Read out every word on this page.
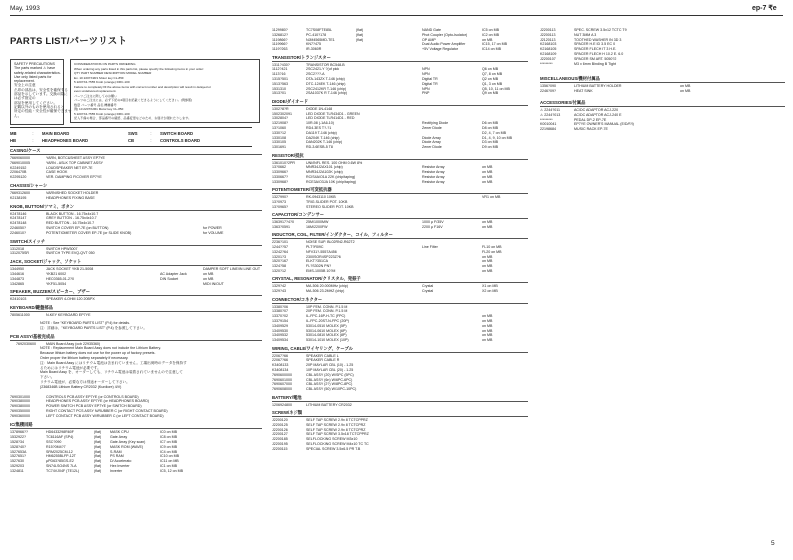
May, 1993	ep-7 ₹e
5
PARTS LIST/パーツリスト
SAFETY PRECAUTIONS
The parts marked ⚠ have
safety-related characteristics.
Use only listed parts for
replacement.
安全上の注意
⚠印の部品は、安全性を確保する
部品を示しています。交換の際に
は必ず指定の
部品を使用してください。
記載以外のものを使用されると
所定の性能・安全性が確保できませ
ん。
CONSIDERATIONS ON PARTS ORDERING
When ordering any parts listed in this parts list, please specify the following items in your order:
QTY PART NUMBER DESCRIPTION MODEL NUMBER
Ex. 10 2207X2R1 Motor key CL-85F
5 2207X4-7555 Knob (orange) DRC-100
Failure to completely fill the above items with correct number and description will result in delayed or
even undelivered replacement.
パーツご注文に際してのお願い
パーツのご注文には、必ず下記の4項目を記載くださるようにしてください。(例参照)
数量 パーツ番号 品名 機種番号
例) 10 2207X2R1 Motor key CL-85F
5 2207X4-7555 Knob (orange) DRC-100
記入不備の場合、部品番号の確認、品番変更などのため、お届けが遅れたりします。
MB	： MAIN BOARD	SWS	： SWITCH BOARD
HB	： HEADPHONES BOARD	CB	： CONTROLS BOARD
CASING/ケース
7669060000	YARN, BOTC&SHEET ASSY EP7YE
7669010005	YARN - ASLK TOP CABINET ASSY
K2249152	LOUDSPEAKER NET EP-7E
2206470B	CASE HOOK
K2295120	VER. DAMPING FICOVER EP7YE
CHASSIS/シャーシ
7669312600	VARNISHED SOCKET HOLDER
K2138195	HEADPHONES FIXING BASE
KNOB, BUTTON/ツマミ、ボタン
K2478146	BLACK BUTTON - 16.75x4x10.7
K2478147	GREY BUTTON - 16.75x4x10.7
K2478148	RED BUTTON - 16.75x4x10.7
2246050?	SWITCH COVER EP-7E (on BUTTON)	for POWER
2246010?	POTENTIOMETER COVER EP-7E (or SLIDE KNOB)	for VOLUME
SWITCH/スイッチ
1312018	SWITCH HPW3007
1312075SR	SWITCH TYPE EVQ-QVT 050
JACK, SOCKET/ジャック、ソケット
1344950	JACK SOCKET YKB 21-5008	DAMPER SOFT LINE/IN LINE OUT
1344616	YKB21 6002	AC Adapter Jack	on MB
1344873	HEC0365-01-2?0	DIN Socket	on MB
1342865	YKF51-5054	MIDI IN/OUT
SPEAKER, BUZZER/スピーカー、ブザー
K2410103	SPEAKER 4-OHM 120 20BPX
KEYBOARD/鍵盤部品
7805611000	N-KEY KEYBOARD EP7YE
NOTE : See "KEYBOARD PARTS LIST" (P.4) for details.
注：詳細は、"KEYBOARD PARTS LIST" (P.4) を参照して下さい。
PCB ASSY/基板完成品
7692030600	MAIN Board Assy (ccb 22935360)
NOTE : Replacement Main Board Assy does not include the Lithium Battery.
Because lithium battery does not use for the power up of factory presets.
Order proper the lithium battery separately if necessary.
注：Main Board Assy にはリチウム電池は含まれていません。工場出荷時のデータを保持す
るためにはリチウム電池が必要です。
Main Board Assy を、オーダーしても、リチウム電池は装着されていませんので注意して
下さい。
リチウム電池が、必要な方は別途オーダーして下さい。
(2368346B Lithium Battery CR2032 (Kurdiore) 4/V)
7690301000	CONTROLS PCB ASSY EP7YE (or CONTROLS BOARD)
7690380000	HEADPHONES PCB ASSY EP7YE (or HEADPHONES BOARD)
7690380000	POWER SWITCH PCB ASSY EP7YE (or SWITCH BOARD)
7690350000	RIGHT CONTACT PCS ASSY N/RUBBER C (or RIGHT CONTACT BOARD)
7690360000	LEFT CONTACT PCB ASSY W/RUBBER C (or LEFT CONTACT BOARD)
IC/集積回路
1378966??	HD6433298R60F	(flat) MASK CPU	IC0 on MB
1532922?	TC6116AF (SP4)	(flat) Gate Array	IC8 on MB
1528?34	SSC?090	(flat) Gate Array (Key scan)	IC7 on MB
1528?40?	R15?0M4?7	(flat) MASK ROM (WAVE)	IC9 on MB
1527653A	SRM2025CM-12	(flat) S-RAM	IC4 on MB
1527651?	HM6255BLFP-12T	(flat) PS RAM	IC10 on MB
1527630	μPD63?85GS-E2	(flat) D/ Accelerato	IC11 on MB
1529203	SN74LSO4NS 7LA	(flat) Hex Inverter	IC1 on MB
1324811	TC74VJ04F (TE12L)	(flat) Inverter	IC5, 12 on MB
1129980?	TC7S08FTE85L	(flat)	NAND Gate	IC5 on MB
1326812?	PC-410?178	(flat)	Phot Coupler (Opto-Isolator)	IC2 on MB
1119866?	NJM4565MD-TE1	(flat)	OP AMP	on MB
1119966?	KN7?475	Dual Audio Power Amplifier	IC15, 17 on MB
1119?263	IR-3060R	+5V Voltage Regulator	IC14 on MB
TRANSISTOR/トランジスター
1311?430?	TRANSISTOR BC548-B
1112?421	2SC2421-Y ?(uf pick	NPN	Q6 on MB
1113?16	2SC2???-A	NPN	Q7, 8 on MB
1315?501	DTA-143ZX T-146 (chip)	Digital TR	Q2 on MB
1513?563	DTC-124EK T-146 (chip)	Digital TR	Q1, 3 on MB
1531310	2SC2412KR T-146 (chip)	NPN	Q5, 10, 11 on MB
1513?01	2SA1037K R T-146 (chip)	PNP	Q9 on MB
DIODE/ダイオード
1302?8?R	DIODE 1N-4148
1502302091	LED DIODE TLR434D1 - GREEN
1302804?	LED DIODE TLR414D1 - RED
1321908?	10R-08 (-1A6-10)	Rectifying Diode	D6 on MB
13?1060	RD4.3ES T?-?1	Zener Diode	D8 on MB
1330?12	DA119 T-146 (chip)	D2, 4, 7 on MB
1330108	DA204K T-146 (chip)	Diode Array	D1, 4, 9, 10 on MB
1330105	DAN202K T-146 (chip)	Diode Array	D3 on MB
1301691	RD-3.6ESB-5 T8	Zener Diode	D9 on MB
RESISTOR/抵抗
1361010?2PR	UNI/INFL RES. 100 OHM 0.6W 8%
13?0662	MNR34J2AX101 (chip)	Resistor Array	on MB
1330966?	MNR34J2A102K (chip)	Resistor Array	on MB
1330667?	RCIS4A/O1A 22K (chip/taping)	Resistor Array	on MB
1330968?	RCE3A/O3JA 10K (chip/taping)	Resistor Array	on MB
POTENTIOMETER/可変抵抗器
1327990?	RK-0943110 10KB	VR1 on MB
13?0973	TRIG.SLIDER POT. 10KB
13?0965?	STEREO SLIDER POT. 10KB
CAPACITOR/コンデンサー
1363917?4?0	25M/1000MW	1000 μ F/35V	on MB
1363?0591	16M/2200FW	2200 μ F16V	on MB
INDUCTOR, COIL, FILTER/インダクター、コイル、フィルター
2236?101	NOISE SUP. BL02RN2-R62T2
1244??57	PLT?R09C	Line Filter	FL10 on MB
13242?64	NFV31?-5557A456	FL20 on MB
13201?3	2300SOR4SP223Z?6	on MB
1520?167	ELKT?351CA	on MB
1324?58	FL?S302N PN?	on MB
1320?12	EMS-1005B 10?M	on MB
CRYSTAL, RESONATOR/クリスタル、発振子
1329?42	MA-506 20.000MHz (chip)	Crystal	X1 on MB
1329?43	MA-506 23.2MHZ (chip)	Crystal	X2 on MB
CONNECTOR/コネクター
13380?06	10P FEM. CONN. P.1.5 M
13380?07	20P FEM. CONN. P.1.5 M
13370?02	IL-FPC-16P-H-TC (FPC)	on MB
13379154	IL-FPC-20ST-N-FPC (20P)	on MB
13409529	53014-0510 MOLEX (5P)	on MB
13409530	53014-0610 MOLEX (6P)	on MB
13409532	53014-0810 MOLEX (8P)	on MB
13409534	53014-1010 MOLEX (10P)	on MB
WIRING, CABLE/ワイヤリング、ケーブル
22067?66	SPEAKER CABLE L
22067?66	SPEAKER CABLE R
K3408133	20P MAYLAR CBL (10) - 1.25
K3408134	10P MAYLAR CBL (20) - 1.25
7690600000	CBL ASSY (20) W/SPC (5PC)
7690601000	CBL ASSY (6n) W/6PC-6PC)
7690607000	CBL ASSY (2?) W/8PC-8PC)
7690608000	CBL ASSY (50) W/10PC-10PC)
BATTERY/電池
1206924800	LITHIUM BATTERY CR2032
SCREW/ネジ類
J2200120	SELF TAP SCREW 2.9x 8 TCTCPPRZ
J2200125	SELF TAP SCREW 2.9x 8 TCTCPRZ
J2200126	SELF TAP SCREW 2.9x 8 TCTCPRZ
J2200127	SELF TAP SCREW 3.5x18 TCTCPPRZ
J2200185	SELFLOCKING SCREW M3x10
J2200195	SELFLOCKING SCREW M4x10 TC TC
J2200115	SPECIAL SCREW 3.5x6.5 PR T.B
J2200113	SPEC. SCREW 3.5x12 TCTC T9
J2200113	NUT 3MM A 3
J2120113	TOOTHED WASHER IN 3D 3
K2168103	SPACER H.E ID 3.5 EC 0
K2168105	SPACER FLECH IT 3 H.E.
K2168109	SPACER FLECH H 10.2 E. 6.0
J2200107	SPACER SM ART. 5050?2
*********	M3 x 6mm Binding B Tight
MISCELLANEOUS/機材付属品
1356?090	LITHIUM BATTERY HOLDER	on MB
2246?09?	HEAT SINK	on MB
ACCESSORIES/付属品
⚠ 2244?011	AC/DC ADAPTOR ACJ-220
⚠ 2244?013	AC/DC ADAPTOR ACJ-240 E
*********	PEDAL DP-2 EP-7E
K0010041	EP7YE OWNER'S MANUAL (E/D/F/I)
22198684	MUSIC RACK EP-7E
